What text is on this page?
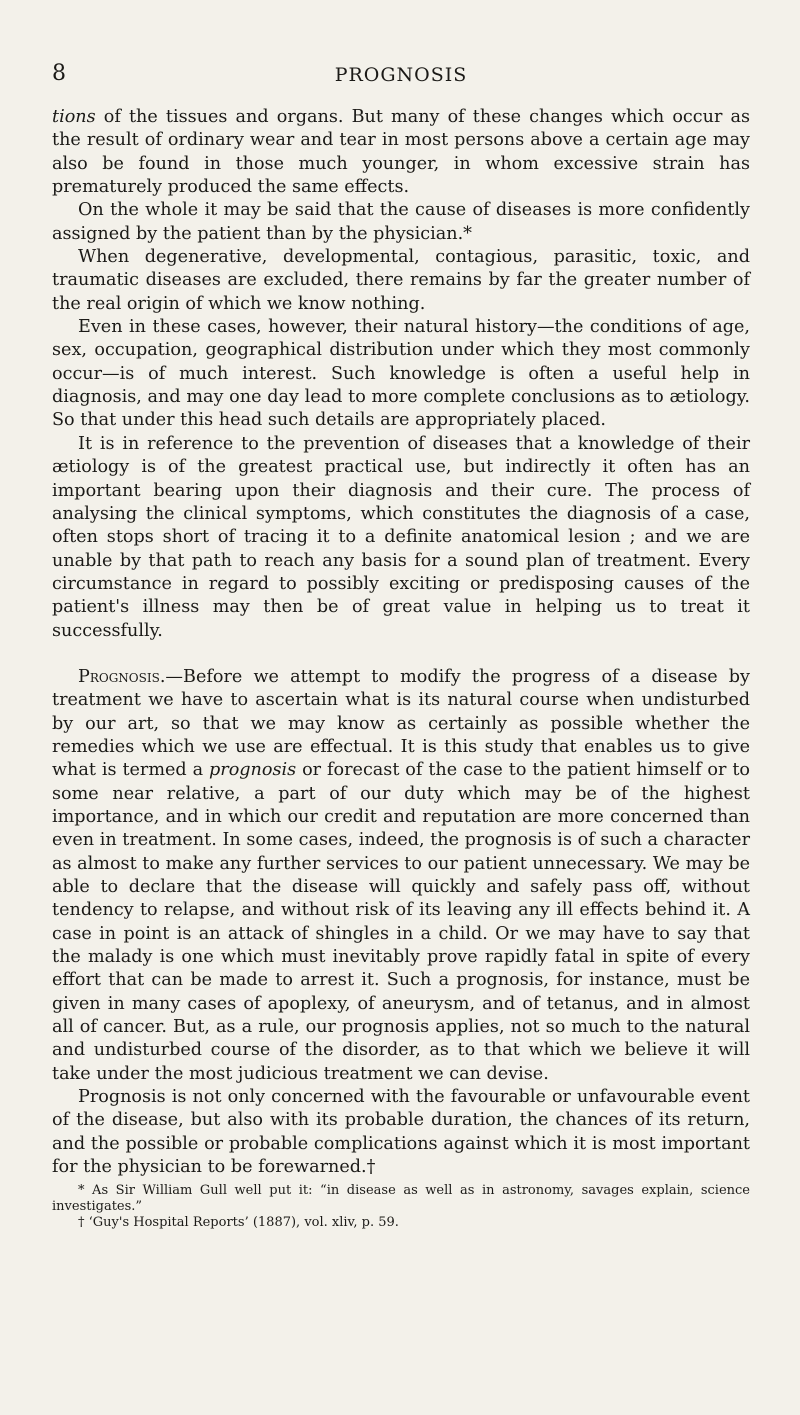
8	PROGNOSIS

tions of the tissues and organs. But many of these changes which occur as the result of ordinary wear and tear in most persons above a certain age may also be found in those much younger, in whom excessive strain has prematurely produced the same effects.

On the whole it may be said that the cause of diseases is more confidently assigned by the patient than by the physician.*

When degenerative, developmental, contagious, parasitic, toxic, and traumatic diseases are excluded, there remains by far the greater number of the real origin of which we know nothing.

Even in these cases, however, their natural history—the conditions of age, sex, occupation, geographical distribution under which they most commonly occur—is of much interest. Such knowledge is often a useful help in diagnosis, and may one day lead to more complete conclusions as to ætiology. So that under this head such details are appropriately placed.

It is in reference to the prevention of diseases that a knowledge of their ætiology is of the greatest practical use, but indirectly it often has an important bearing upon their diagnosis and their cure. The process of analysing the clinical symptoms, which constitutes the diagnosis of a case, often stops short of tracing it to a definite anatomical lesion ; and we are unable by that path to reach any basis for a sound plan of treatment. Every circumstance in regard to possibly exciting or predisposing causes of the patient's illness may then be of great value in helping us to treat it successfully.

Prognosis.—Before we attempt to modify the progress of a disease by treatment we have to ascertain what is its natural course when undisturbed by our art, so that we may know as certainly as possible whether the remedies which we use are effectual. It is this study that enables us to give what is termed a prognosis or forecast of the case to the patient himself or to some near relative, a part of our duty which may be of the highest importance, and in which our credit and reputation are more concerned than even in treatment. In some cases, indeed, the prognosis is of such a character as almost to make any further services to our patient unnecessary. We may be able to declare that the disease will quickly and safely pass off, without tendency to relapse, and without risk of its leaving any ill effects behind it. A case in point is an attack of shingles in a child. Or we may have to say that the malady is one which must inevitably prove rapidly fatal in spite of every effort that can be made to arrest it. Such a prognosis, for instance, must be given in many cases of apoplexy, of aneurysm, and of tetanus, and in almost all of cancer. But, as a rule, our prognosis applies, not so much to the natural and undisturbed course of the disorder, as to that which we believe it will take under the most judicious treatment we can devise.

Prognosis is not only concerned with the favourable or unfavourable event of the disease, but also with its probable duration, the chances of its return, and the possible or probable complications against which it is most important for the physician to be forewarned.†

* As Sir William Gull well put it: “in disease as well as in astronomy, savages explain, science investigates.”

† ‘Guy's Hospital Reports’ (1887), vol. xliv, p. 59.
